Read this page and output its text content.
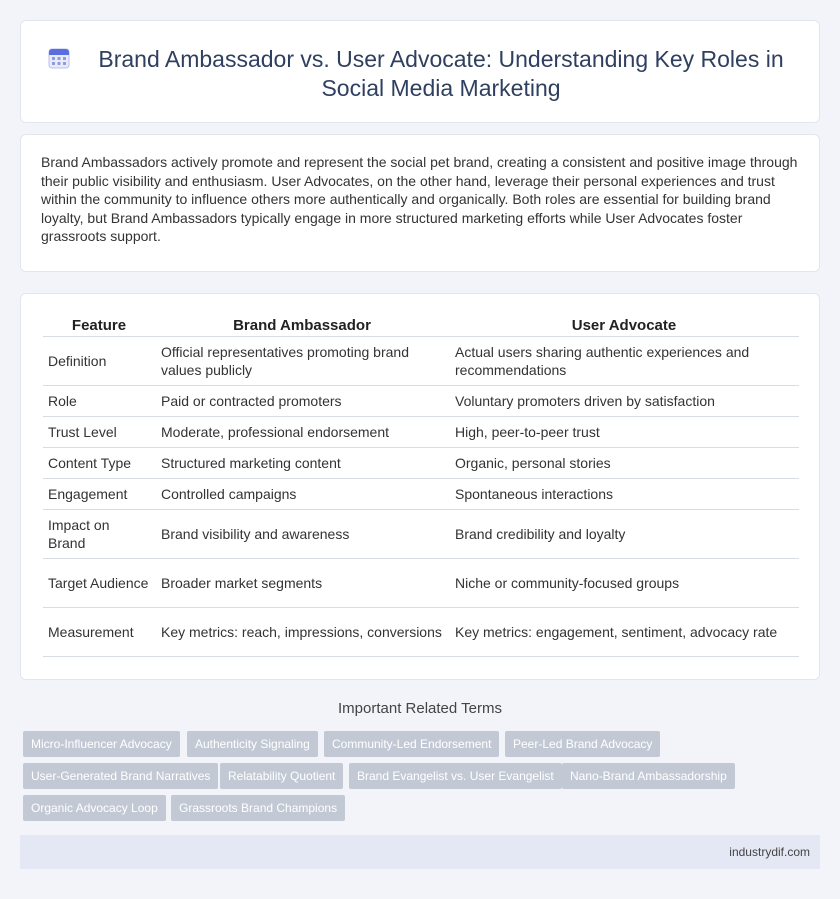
Brand Ambassador vs. User Advocate: Understanding Key Roles in Social Media Marketing

Brand Ambassadors actively promote and represent the social pet brand, creating a consistent and positive image through their public visibility and enthusiasm. User Advocates, on the other hand, leverage their personal experiences and trust within the community to influence others more authentically and organically. Both roles are essential for building brand loyalty, but Brand Ambassadors typically engage in more structured marketing efforts while User Advocates foster grassroots support.

Feature	Brand Ambassador	User Advocate
Definition	Official representatives promoting brand values publicly	Actual users sharing authentic experiences and recommendations
Role	Paid or contracted promoters	Voluntary promoters driven by satisfaction
Trust Level	Moderate, professional endorsement	High, peer-to-peer trust
Content Type	Structured marketing content	Organic, personal stories
Engagement	Controlled campaigns	Spontaneous interactions
Impact on Brand	Brand visibility and awareness	Brand credibility and loyalty
Target Audience	Broader market segments	Niche or community-focused groups
Measurement	Key metrics: reach, impressions, conversions	Key metrics: engagement, sentiment, advocacy rate
Important Related Terms
Micro-Influencer Advocacy	Authenticity Signaling	Community-Led Endorsement	Peer-Led Brand Advocacy
User-Generated Brand Narratives	Relatability Quotient	Brand Evangelist vs. User Evangelist	Nano-Brand Ambassadorship
Organic Advocacy Loop	Grassroots Brand Champions
industrydif.com
